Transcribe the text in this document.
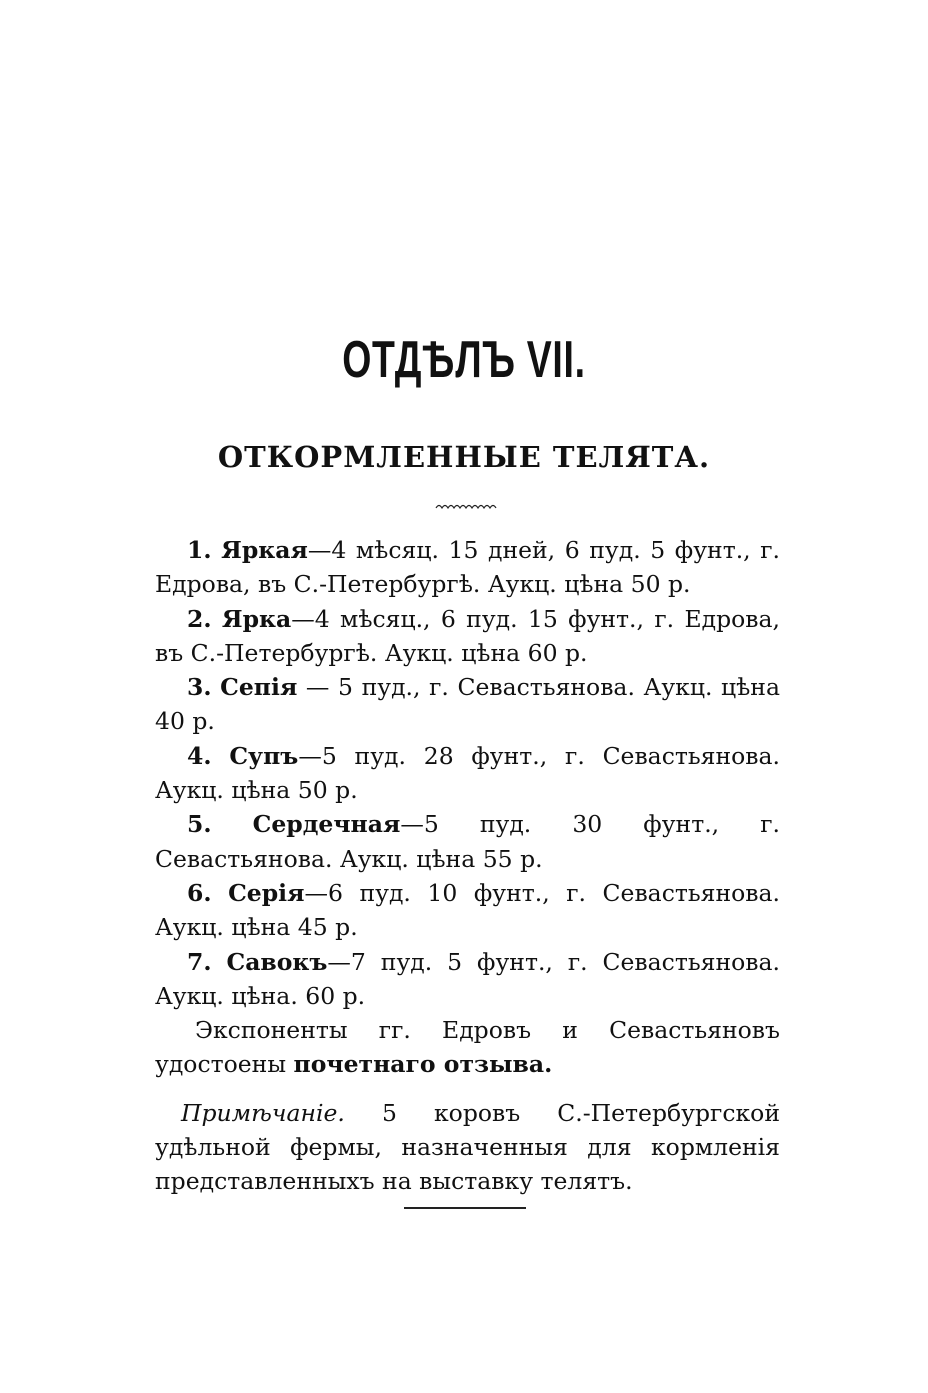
ОТДѢЛЪ VII.
ОТКОРМЛЕННЫЕ ТЕЛЯТА.

1. Яркая—4 мѣсяц. 15 дней, 6 пуд. 5 фунт., г. Едрова, въ С.-Петербургѣ. Аукц. цѣна 50 р.

2. Ярка—4 мѣсяц., 6 пуд. 15 фунт., г. Едрова, въ С.-Петербургѣ. Аукц. цѣна 60 р.

3. Сепія — 5 пуд., г. Севастьянова. Аукц. цѣна 40 р.

4. Супъ—5 пуд. 28 фунт., г. Севастьянова. Аукц. цѣна 50 р.

5. Сердечная—5 пуд. 30 фунт., г. Севастьянова. Аукц. цѣна 55 р.

6. Серія—6 пуд. 10 фунт., г. Севастьянова. Аукц. цѣна 45 р.

7. Савокъ—7 пуд. 5 фунт., г. Севастьянова. Аукц. цѣна. 60 р.

Экспоненты гг. Едровъ и Севастьяновъ удостоены почетнаго отзыва.

Примѣчаніе. 5 коровъ С.-Петербургской удѣльной фермы, назначенныя для кормленія представленныхъ на выставку телятъ.
